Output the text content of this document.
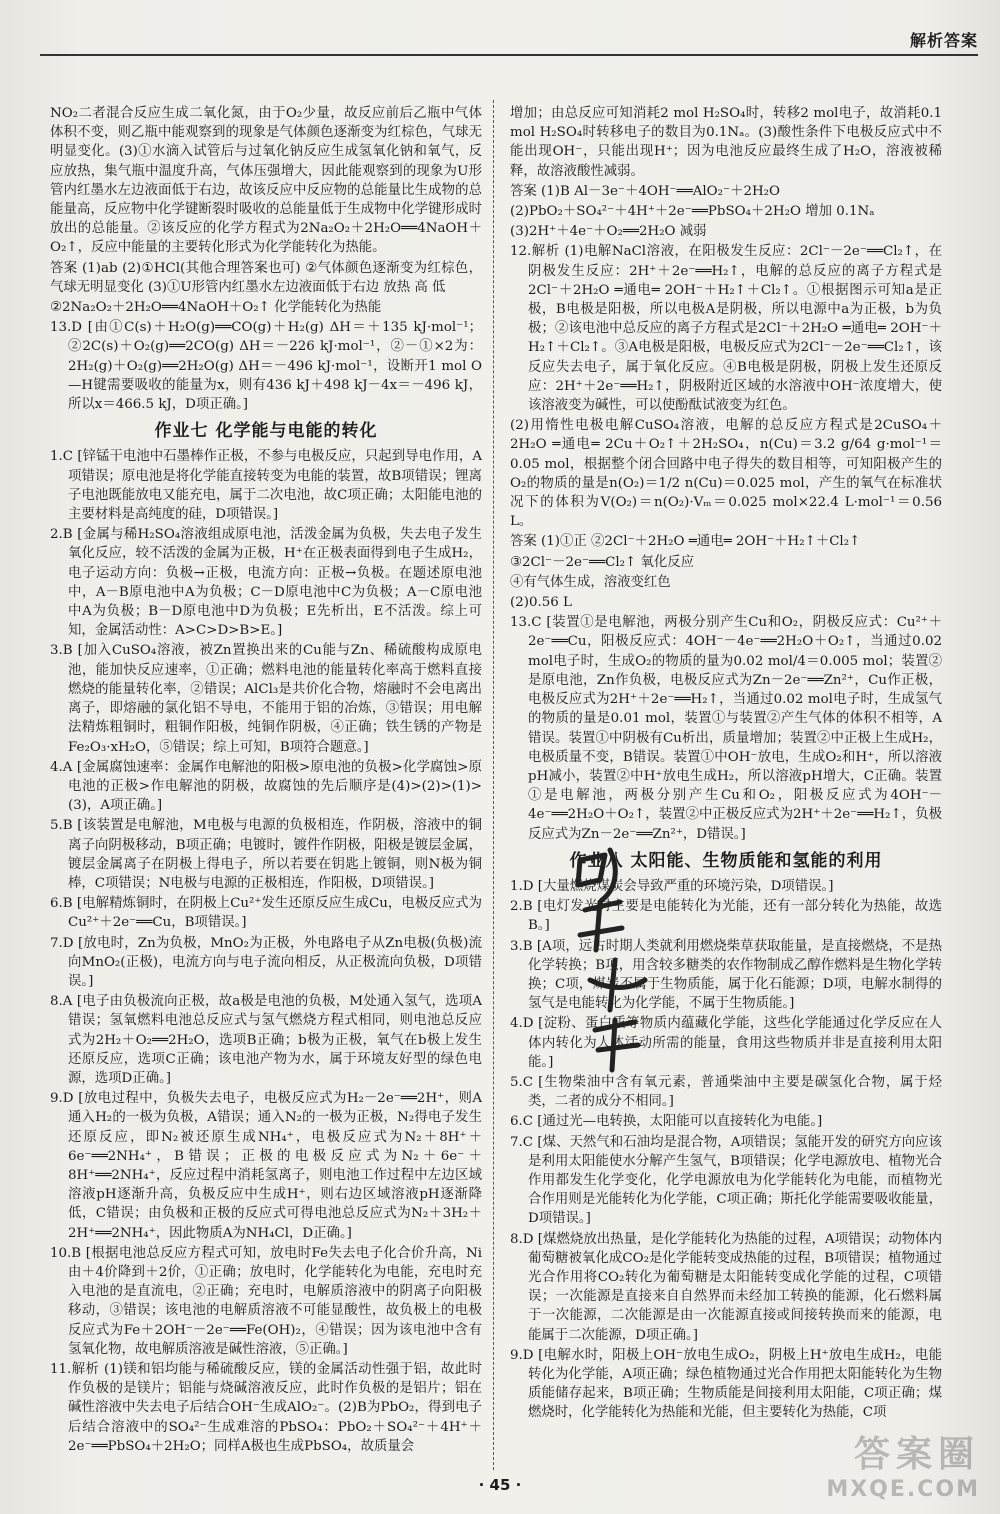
解析答案

NO₂二者混合反应生成二氧化氮，由于O₂少量，故反应前后乙瓶中气体体积不变，则乙瓶中能观察到的现象是气体颜色逐渐变为红棕色，气球无明显变化。(3)①水滴入试管后与过氧化钠反应生成氢氧化钠和氧气，反应放热，集气瓶中温度升高，气体压强增大，因此能观察到的现象为U形管内红墨水左边液面低于右边，故该反应中反应物的总能量比生成物的总能量高，反应物中化学键断裂时吸收的总能量低于生成物中化学键形成时放出的总能量。②该反应的化学方程式为2Na₂O₂＋2H₂O══4NaOH＋O₂↑，反应中能量的主要转化形式为化学能转化为热能。

答案 (1)ab (2)①HCl(其他合理答案也可) ②气体颜色逐渐变为红棕色，气球无明显变化 (3)①U形管内红墨水左边液面低于右边 放热 高 低

②2Na₂O₂＋2H₂O══4NaOH＋O₂↑ 化学能转化为热能

13.D [由①C(s)＋H₂O(g)══CO(g)＋H₂(g) ΔH＝＋135 kJ·mol⁻¹；②2C(s)＋O₂(g)══2CO(g) ΔH＝－226 kJ·mol⁻¹，②－①×2为：2H₂(g)＋O₂(g)══2H₂O(g) ΔH＝－496 kJ·mol⁻¹，设断开1 mol O—H键需要吸收的能量为x，则有436 kJ＋498 kJ－4x＝－496 kJ，所以x＝466.5 kJ，D项正确。]

作业七 化学能与电能的转化

1.C [锌锰干电池中石墨棒作正极，不参与电极反应，只起到导电作用，A项错误；原电池是将化学能直接转变为电能的装置，故B项错误；锂离子电池既能放电又能充电，属于二次电池，故C项正确；太阳能电池的主要材料是高纯度的硅，D项错误。]

2.B [金属与稀H₂SO₄溶液组成原电池，活泼金属为负极，失去电子发生氧化反应，较不活泼的金属为正极，H⁺在正极表面得到电子生成H₂，电子运动方向：负极→正极，电流方向：正极→负极。在题述原电池中，A－B原电池中A为负极；C－D原电池中C为负极；A－C原电池中A为负极；B－D原电池中D为负极；E先析出，E不活泼。综上可知，金属活动性：A>C>D>B>E。]

3.B [加入CuSO₄溶液，被Zn置换出来的Cu能与Zn、稀硫酸构成原电池，能加快反应速率，①正确；燃料电池的能量转化率高于燃料直接燃烧的能量转化率，②错误；AlCl₃是共价化合物，熔融时不会电离出离子，即熔融的氯化铝不导电，不能用于铝的冶炼，③错误；用电解法精炼粗铜时，粗铜作阳极，纯铜作阴极，④正确；铁生锈的产物是Fe₂O₃·xH₂O，⑤错误；综上可知，B项符合题意。]

4.A [金属腐蚀速率：金属作电解池的阳极>原电池的负极>化学腐蚀>原电池的正极>作电解池的阴极，故腐蚀的先后顺序是(4)>(2)>(1)>(3)，A项正确。]

5.B [该装置是电解池，M电极与电源的负极相连，作阴极，溶液中的铜离子向阴极移动，B项正确；电镀时，镀件作阴极，阳极是镀层金属，镀层金属离子在阴极上得电子，所以若要在钥匙上镀铜，则N极为铜棒，C项错误；N电极与电源的正极相连，作阳极，D项错误。]

6.B [电解精炼铜时，在阴极上Cu²⁺发生还原反应生成Cu，电极反应式为Cu²⁺＋2e⁻══Cu，B项错误。]

7.D [放电时，Zn为负极，MnO₂为正极，外电路电子从Zn电极(负极)流向MnO₂(正极)，电流方向与电子流向相反，从正极流向负极，D项错误。]

8.A [电子由负极流向正极，故a极是电池的负极，M处通入氢气，选项A错误；氢氧燃料电池总反应式与氢气燃烧方程式相同，则电池总反应式为2H₂＋O₂══2H₂O，选项B正确；b极为正极，氧气在b极上发生还原反应，选项C正确；该电池产物为水，属于环境友好型的绿色电源，选项D正确。]

9.D [放电过程中，负极失去电子，电极反应式为H₂－2e⁻══2H⁺，则A通入H₂的一极为负极，A错误；通入N₂的一极为正极，N₂得电子发生还原反应，即N₂被还原生成NH₄⁺，电极反应式为N₂＋8H⁺＋6e⁻══2NH₄⁺，B错误；正极的电极反应式为N₂＋6e⁻＋8H⁺══2NH₄⁺，反应过程中消耗氢离子，则电池工作过程中左边区域溶液pH逐渐升高，负极反应中生成H⁺，则右边区域溶液pH逐渐降低，C错误；由负极和正极的反应式可得电池总反应式为N₂＋3H₂＋2H⁺══2NH₄⁺，因此物质A为NH₄Cl，D正确。]

10.B [根据电池总反应方程式可知，放电时Fe失去电子化合价升高，Ni由＋4价降到＋2价，①正确；放电时，化学能转化为电能，充电时充入电池的是直流电，②正确；充电时，电解质溶液中的阴离子向阳极移动，③错误；该电池的电解质溶液不可能显酸性，故负极上的电极反应式为Fe＋2OH⁻－2e⁻══Fe(OH)₂，④错误；因为该电池中含有氢氧化物，故电解质溶液是碱性溶液，⑤正确。]

11.解析 (1)镁和铝均能与稀硫酸反应，镁的金属活动性强于铝，故此时作负极的是镁片；铝能与烧碱溶液反应，此时作负极的是铝片；铝在碱性溶液中失去电子后结合OH⁻生成AlO₂⁻。(2)B为PbO₂，得到电子后结合溶液中的SO₄²⁻生成难溶的PbSO₄：PbO₂＋SO₄²⁻＋4H⁺＋2e⁻══PbSO₄＋2H₂O；同样A极也生成PbSO₄，故质量会

增加；由总反应可知消耗2 mol H₂SO₄时，转移2 mol电子，故消耗0.1 mol H₂SO₄时转移电子的数目为0.1Nₐ。(3)酸性条件下电极反应式中不能出现OH⁻，只能出现H⁺；因为电池反应最终生成了H₂O，溶液被稀释，故溶液酸性减弱。

答案 (1)B Al－3e⁻＋4OH⁻══AlO₂⁻＋2H₂O

(2)PbO₂＋SO₄²⁻＋4H⁺＋2e⁻══PbSO₄＋2H₂O 增加 0.1Nₐ

(3)2H⁺＋4e⁻＋O₂══2H₂O 减弱

12.解析 (1)电解NaCl溶液，在阳极发生反应：2Cl⁻－2e⁻══Cl₂↑，在阴极发生反应：2H⁺＋2e⁻══H₂↑，电解的总反应的离子方程式是2Cl⁻＋2H₂O ═通电═ 2OH⁻＋H₂↑＋Cl₂↑。①根据图示可知a是正极，B电极是阳极，所以电极A是阴极，所以电源中a为正极，b为负极；②该电池中总反应的离子方程式是2Cl⁻＋2H₂O ═通电═ 2OH⁻＋H₂↑＋Cl₂↑。③A电极是阳极，电极反应式为2Cl⁻－2e⁻══Cl₂↑，该反应失去电子，属于氧化反应。④B电极是阴极，阴极上发生还原反应：2H⁺＋2e⁻══H₂↑，阴极附近区域的水溶液中OH⁻浓度增大，使该溶液变为碱性，可以使酚酞试液变为红色。

(2)用惰性电极电解CuSO₄溶液，电解的总反应方程式是2CuSO₄＋2H₂O ═通电═ 2Cu＋O₂↑＋2H₂SO₄，n(Cu)＝3.2 g/64 g·mol⁻¹＝0.05 mol，根据整个闭合回路中电子得失的数目相等，可知阳极产生的O₂的物质的量是n(O₂)＝1/2 n(Cu)＝0.025 mol，产生的氧气在标准状况下的体积为V(O₂)＝n(O₂)·Vₘ＝0.025 mol×22.4 L·mol⁻¹＝0.56 L。

答案 (1)①正 ②2Cl⁻＋2H₂O ═通电═ 2OH⁻＋H₂↑＋Cl₂↑

③2Cl⁻－2e⁻══Cl₂↑ 氧化反应

④有气体生成，溶液变红色

(2)0.56 L

13.C [装置①是电解池，两极分别产生Cu和O₂，阴极反应式：Cu²⁺＋2e⁻══Cu，阳极反应式：4OH⁻－4e⁻══2H₂O＋O₂↑，当通过0.02 mol电子时，生成O₂的物质的量为0.02 mol/4＝0.005 mol；装置②是原电池，Zn作负极，电极反应式为Zn－2e⁻══Zn²⁺，Cu作正极，电极反应式为2H⁺＋2e⁻══H₂↑，当通过0.02 mol电子时，生成氢气的物质的量是0.01 mol，装置①与装置②产生气体的体积不相等，A错误。装置①中阴极有Cu析出，质量增加；装置②中正极上生成H₂，电极质量不变，B错误。装置①中OH⁻放电，生成O₂和H⁺，所以溶液pH减小，装置②中H⁺放电生成H₂，所以溶液pH增大，C正确。装置①是电解池，两极分别产生Cu和O₂，阳极反应式为4OH⁻－4e⁻══2H₂O＋O₂↑，装置②中正极反应式为2H⁺＋2e⁻══H₂↑，负极反应式为Zn－2e⁻══Zn²⁺，D错误。]

作业八 太阳能、生物质能和氢能的利用

1.D [大量燃烧煤炭会导致严重的环境污染，D项错误。]

2.B [电灯发光时主要是电能转化为光能，还有一部分转化为热能，故选B。]

3.B [A项，远古时期人类就利用燃烧柴草获取能量，是直接燃烧，不是热化学转换；B项，用含较多糖类的农作物制成乙醇作燃料是生物化学转换；C项，煤炭不属于生物质能，属于化石能源；D项，电解水制得的氢气是电能转化为化学能，不属于生物质能。]

4.D [淀粉、蛋白质等物质内蕴藏化学能，这些化学能通过化学反应在人体内转化为人体活动所需的能量，食用这些物质并非是直接利用太阳能。]

5.C [生物柴油中含有氧元素，普通柴油中主要是碳氢化合物，属于烃类，二者的成分不相同。]

6.C [通过光—电转换，太阳能可以直接转化为电能。]

7.C [煤、天然气和石油均是混合物，A项错误；氢能开发的研究方向应该是利用太阳能使水分解产生氢气，B项错误；化学电源放电、植物光合作用都发生化学变化，化学电源放电为化学能转化为电能，而植物光合作用则是光能转化为化学能，C项正确；斯托化学能需要吸收能量，D项错误。]

8.D [煤燃烧放出热量，是化学能转化为热能的过程，A项错误；动物体内葡萄糖被氧化成CO₂是化学能转变成热能的过程，B项错误；植物通过光合作用将CO₂转化为葡萄糖是太阳能转变成化学能的过程，C项错误；一次能源是直接来自自然界而未经加工转换的能源，化石燃料属于一次能源，二次能源是由一次能源直接或间接转换而来的能源，电能属于二次能源，D项正确。]

9.D [电解水时，阳极上OH⁻放电生成O₂，阴极上H⁺放电生成H₂，电能转化为化学能，A项正确；绿色植物通过光合作用把太阳能转化为生物质能储存起来，B项正确；生物质能是间接利用太阳能，C项正确；煤燃烧时，化学能转化为热能和光能，但主要转化为热能，C项

· 45 ·
答案圈
MXQE.COM
